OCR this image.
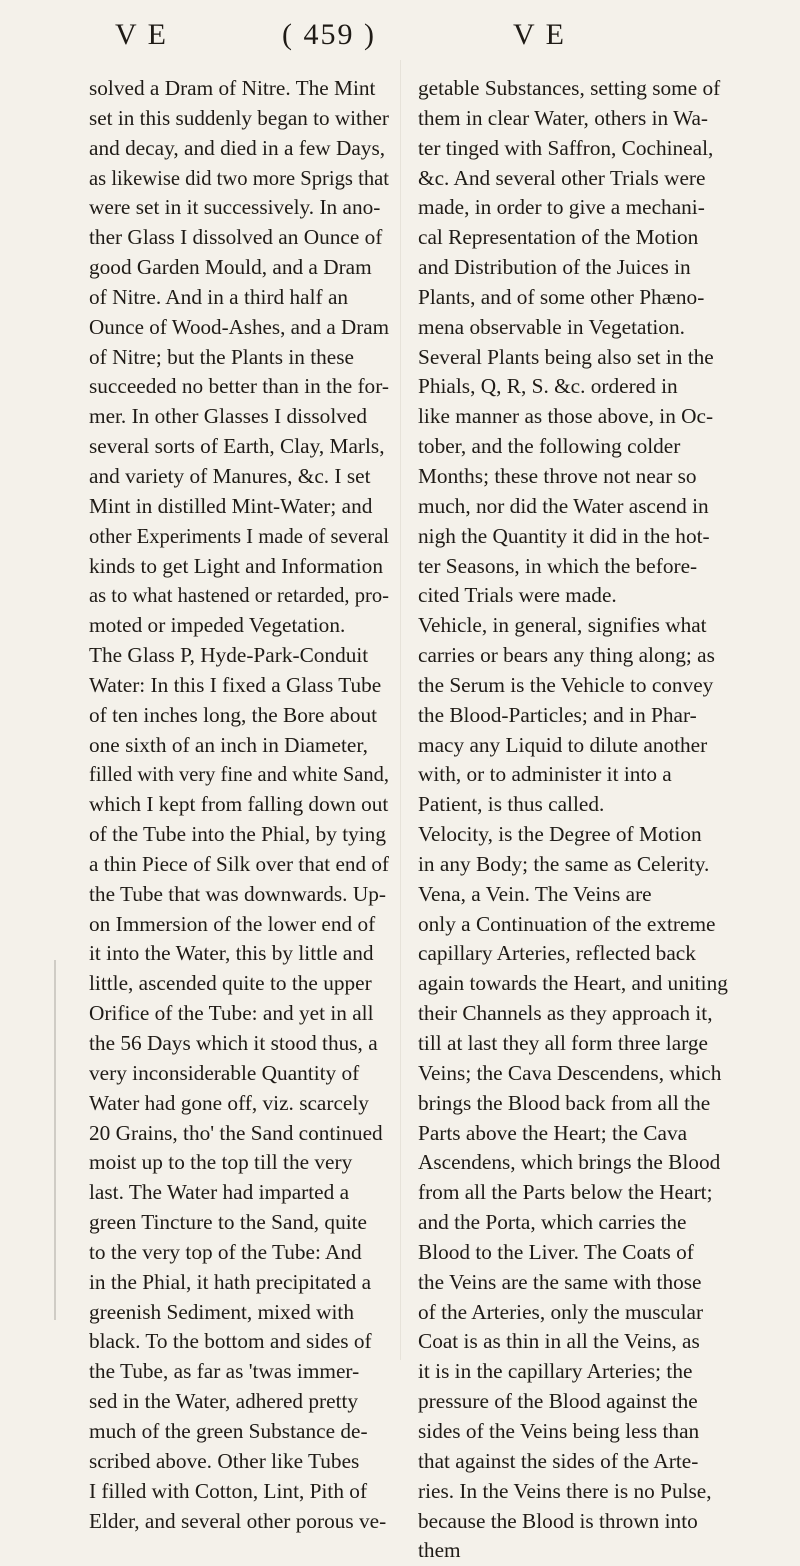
V E	( 459 )	V E
solved a Dram of Nitre. The Mint
set in this suddenly began to wither
and decay, and died in a few Days,
as likewise did two more Sprigs that
were set in it successively. In ano-
ther Glass I dissolved an Ounce of
good Garden Mould, and a Dram
of Nitre. And in a third half an
Ounce of Wood-Ashes, and a Dram
of Nitre; but the Plants in these
succeeded no better than in the for-
mer. In other Glasses I dissolved
several sorts of Earth, Clay, Marls,
and variety of Manures, &c. I set
Mint in distilled Mint-Water; and
other Experiments I made of several
kinds to get Light and Information
as to what hastened or retarded, pro-
moted or impeded Vegetation.
The Glass P, Hyde-Park-Conduit
Water: In this I fixed a Glass Tube
of ten inches long, the Bore about
one sixth of an inch in Diameter,
filled with very fine and white Sand,
which I kept from falling down out
of the Tube into the Phial, by tying
a thin Piece of Silk over that end of
the Tube that was downwards. Up-
on Immersion of the lower end of
it into the Water, this by little and
little, ascended quite to the upper
Orifice of the Tube: and yet in all
the 56 Days which it stood thus, a
very inconsiderable Quantity of
Water had gone off, viz. scarcely
20 Grains, tho' the Sand continued
moist up to the top till the very
last. The Water had imparted a
green Tincture to the Sand, quite
to the very top of the Tube: And
in the Phial, it hath precipitated a
greenish Sediment, mixed with
black. To the bottom and sides of
the Tube, as far as 'twas immer-
sed in the Water, adhered pretty
much of the green Substance de-
scribed above. Other like Tubes
I filled with Cotton, Lint, Pith of
Elder, and several other porous ve-
getable Substances, setting some of
them in clear Water, others in Wa-
ter tinged with Saffron, Cochineal,
&c. And several other Trials were
made, in order to give a mechani-
cal Representation of the Motion
and Distribution of the Juices in
Plants, and of some other Phæno-
mena observable in Vegetation.
Several Plants being also set in the
Phials, Q, R, S. &c. ordered in
like manner as those above, in Oc-
tober, and the following colder
Months; these throve not near so
much, nor did the Water ascend in
nigh the Quantity it did in the hot-
ter Seasons, in which the before-
cited Trials were made.
Vehicle, in general, signifies what
carries or bears any thing along; as
the Serum is the Vehicle to convey
the Blood-Particles; and in Phar-
macy any Liquid to dilute another
with, or to administer it into a
Patient, is thus called.
Velocity, is the Degree of Motion
in any Body; the same as Celerity.
Vena, a Vein. The Veins are
only a Continuation of the extreme
capillary Arteries, reflected back
again towards the Heart, and uniting
their Channels as they approach it,
till at last they all form three large
Veins; the Cava Descendens, which
brings the Blood back from all the
Parts above the Heart; the Cava
Ascendens, which brings the Blood
from all the Parts below the Heart;
and the Porta, which carries the
Blood to the Liver. The Coats of
the Veins are the same with those
of the Arteries, only the muscular
Coat is as thin in all the Veins, as
it is in the capillary Arteries; the
pressure of the Blood against the
sides of the Veins being less than
that against the sides of the Arte-
ries. In the Veins there is no Pulse,
because the Blood is thrown into
them
